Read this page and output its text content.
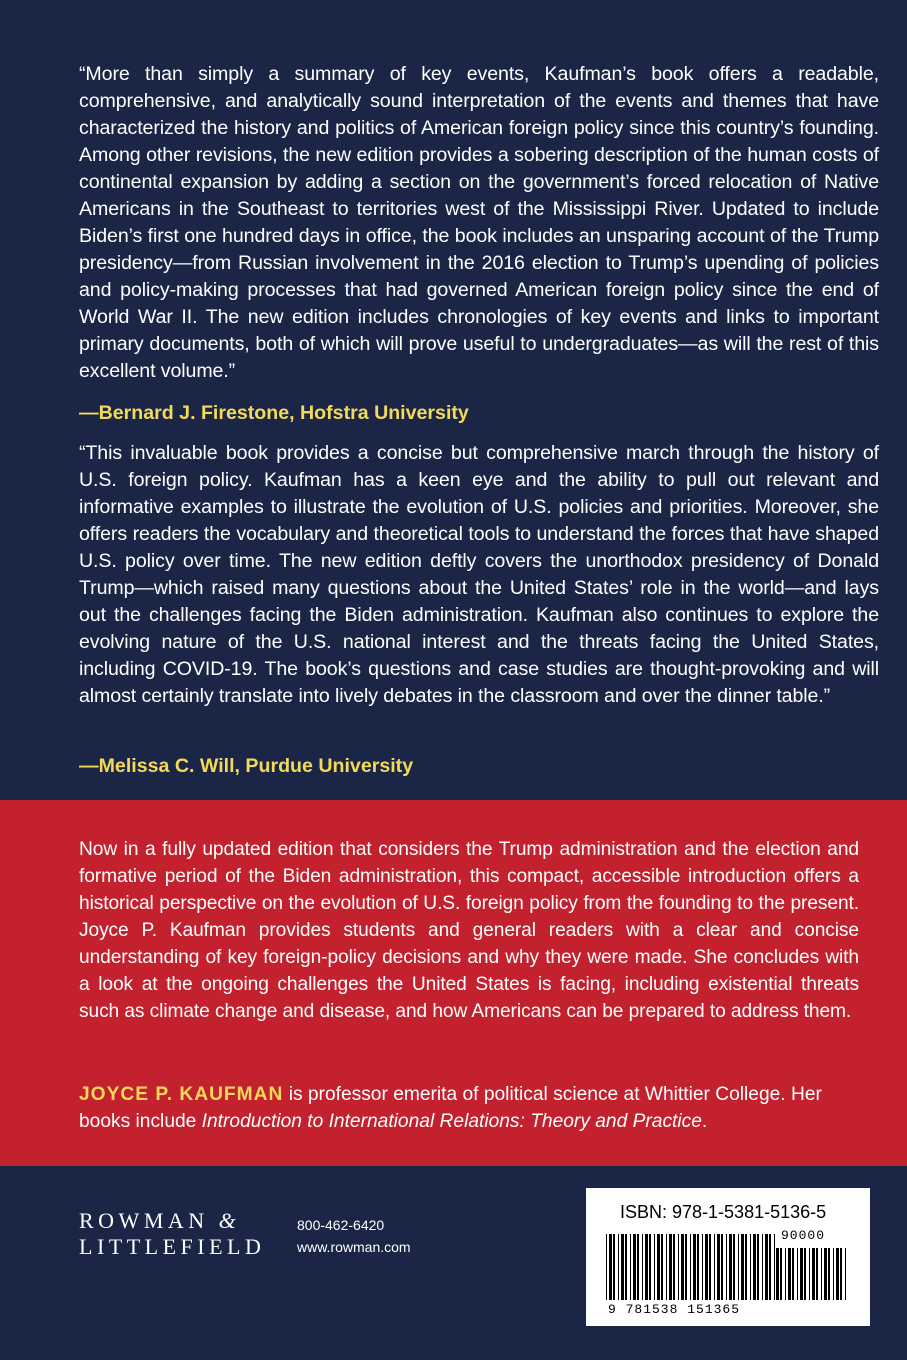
“More than simply a summary of key events, Kaufman’s book offers a readable, comprehensive, and analytically sound interpretation of the events and themes that have characterized the history and politics of American foreign policy since this country’s founding. Among other revisions, the new edition provides a sobering description of the human costs of continental expansion by adding a section on the government’s forced relocation of Native Americans in the Southeast to territories west of the Mississippi River. Updated to include Biden’s first one hundred days in office, the book includes an unsparing account of the Trump presidency—from Russian involvement in the 2016 election to Trump’s upending of policies and policy-making processes that had governed American foreign policy since the end of World War II. The new edition includes chronologies of key events and links to important primary documents, both of which will prove useful to undergraduates—as will the rest of this excellent volume.”
—Bernard J. Firestone, Hofstra University
“This invaluable book provides a concise but comprehensive march through the history of U.S. foreign policy. Kaufman has a keen eye and the ability to pull out relevant and informative examples to illustrate the evolution of U.S. policies and priorities. Moreover, she offers readers the vocabulary and theoretical tools to understand the forces that have shaped U.S. policy over time. The new edition deftly covers the unorthodox presidency of Donald Trump—which raised many questions about the United States’ role in the world—and lays out the challenges facing the Biden administration. Kaufman also continues to explore the evolving nature of the U.S. national interest and the threats facing the United States, including COVID-19. The book’s questions and case studies are thought-provoking and will almost certainly translate into lively debates in the classroom and over the dinner table.”
—Melissa C. Will, Purdue University
Now in a fully updated edition that considers the Trump administration and the election and formative period of the Biden administration, this compact, accessible introduction offers a historical perspective on the evolution of U.S. foreign policy from the founding to the present. Joyce P. Kaufman provides students and general readers with a clear and concise understanding of key foreign-policy decisions and why they were made. She concludes with a look at the ongoing challenges the United States is facing, including existential threats such as climate change and disease, and how Americans can be prepared to address them.
JOYCE P. KAUFMAN is professor emerita of political science at Whittier College. Her books include Introduction to International Relations: Theory and Practice.
ROWMAN &
LITTLEFIELD
800-462-6420
www.rowman.com
ISBN: 978-1-5381-5136-5
90000
9 781538 151365
